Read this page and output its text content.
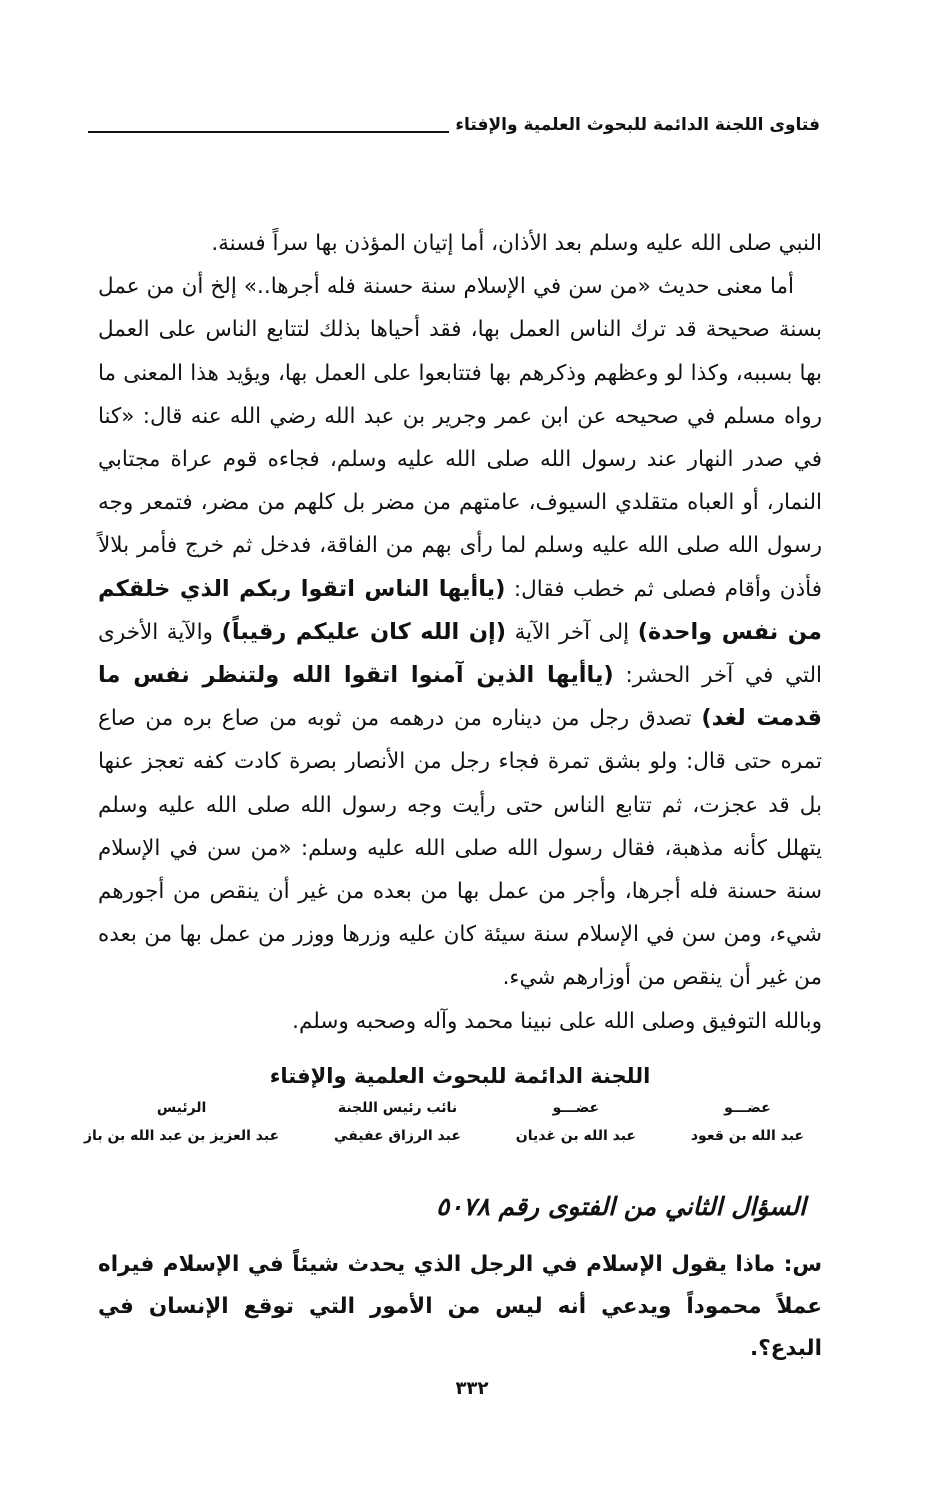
فتاوى اللجنة الدائمة للبحوث العلمية والإفتاء

النبي صلى الله عليه وسلم بعد الأذان، أما إتيان المؤذن بها سراً فسنة.

أما معنى حديث «من سن في الإسلام سنة حسنة فله أجرها..» إلخ أن من عمل بسنة صحيحة قد ترك الناس العمل بها، فقد أحياها بذلك لتتابع الناس على العمل بها بسببه، وكذا لو وعظهم وذكرهم بها فتتابعوا على العمل بها، ويؤيد هذا المعنى ما رواه مسلم في صحيحه عن ابن عمر وجرير بن عبد الله رضي الله عنه قال: «كنا في صدر النهار عند رسول الله صلى الله عليه وسلم، فجاءه قوم عراة مجتابي النمار، أو العباه متقلدي السيوف، عامتهم من مضر بل كلهم من مضر، فتمعر وجه رسول الله صلى الله عليه وسلم لما رأى بهم من الفاقة، فدخل ثم خرج فأمر بلالاً فأذن وأقام فصلى ثم خطب فقال: (ياأيها الناس اتقوا ربكم الذي خلقكم من نفس واحدة) إلى آخر الآية (إن الله كان عليكم رقيباً) والآية الأخرى التي في آخر الحشر: (ياأيها الذين آمنوا اتقوا الله ولتنظر نفس ما قدمت لغد) تصدق رجل من ديناره من درهمه من ثوبه من صاع بره من صاع تمره حتى قال: ولو بشق تمرة فجاء رجل من الأنصار بصرة كادت كفه تعجز عنها بل قد عجزت، ثم تتابع الناس حتى رأيت وجه رسول الله صلى الله عليه وسلم يتهلل كأنه مذهبة، فقال رسول الله صلى الله عليه وسلم: «من سن في الإسلام سنة حسنة فله أجرها، وأجر من عمل بها من بعده من غير أن ينقص من أجورهم شيء، ومن سن في الإسلام سنة سيئة كان عليه وزرها ووزر من عمل بها من بعده من غير أن ينقص من أوزارهم شيء.

وبالله التوفيق وصلى الله على نبينا محمد وآله وصحبه وسلم.

اللجنة الدائمة للبحوث العلمية والإفتاء
عضـــو
عبد الله بن قعود
عضـــو
عبد الله بن غديان
نائب رئيس اللجنة
عبد الرزاق عفيفي
الرئيس
عبد العزيز بن عبد الله بن باز
السؤال الثاني من الفتوى رقم ٥٠٧٨
س: ماذا يقول الإسلام في الرجل الذي يحدث شيئاً في الإسلام فيراه عملاً محموداً ويدعي أنه ليس من الأمور التي توقع الإنسان في البدع؟.
٣٣٢
